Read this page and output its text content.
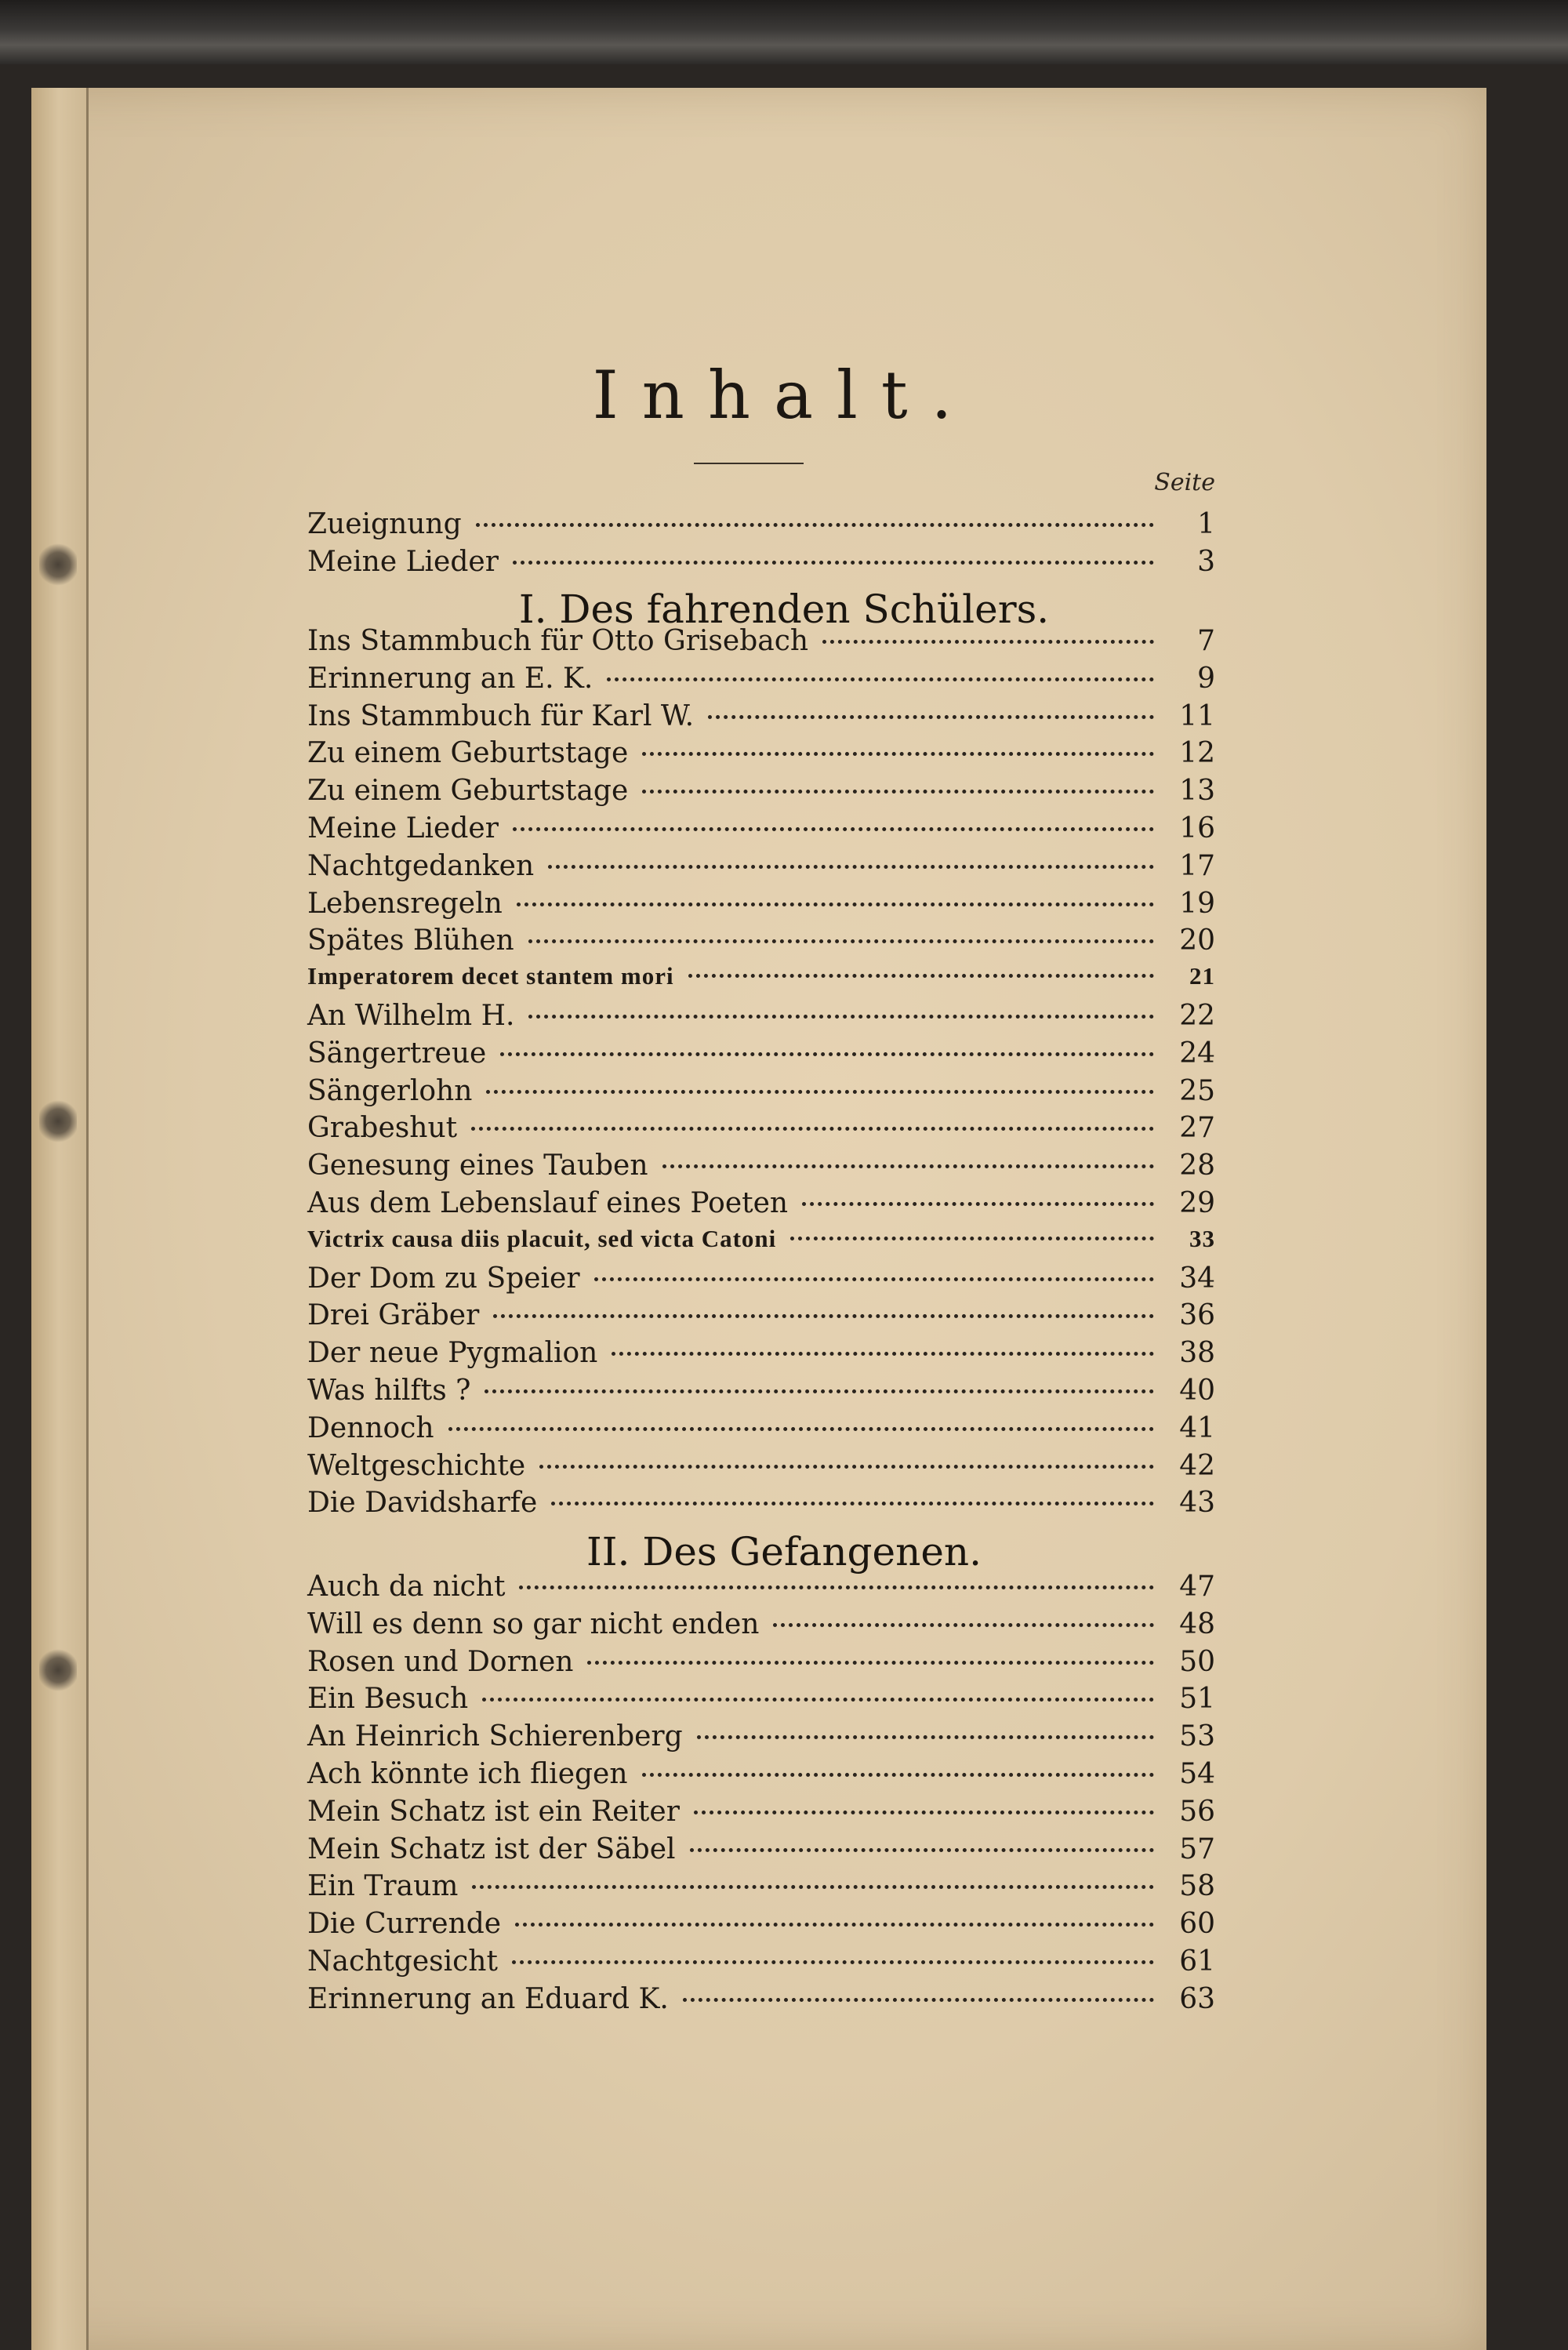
Inhalt.
Seite
Zueignung	1
Meine Lieder	3
I. Des fahrenden Schülers.
Ins Stammbuch für Otto Grisebach	7
Erinnerung an E. K.	9
Ins Stammbuch für Karl W.	11
Zu einem Geburtstage	12
Zu einem Geburtstage	13
Meine Lieder	16
Nachtgedanken	17
Lebensregeln	19
Spätes Blühen	20
Imperatorem decet stantem mori	21
An Wilhelm H.	22
Sängertreue	24
Sängerlohn	25
Grabeshut	27
Genesung eines Tauben	28
Aus dem Lebenslauf eines Poeten	29
Victrix causa diis placuit, sed victa Catoni	33
Der Dom zu Speier	34
Drei Gräber	36
Der neue Pygmalion	38
Was hilfts ?	40
Dennoch	41
Weltgeschichte	42
Die Davidsharfe	43
II. Des Gefangenen.
Auch da nicht	47
Will es denn so gar nicht enden	48
Rosen und Dornen	50
Ein Besuch	51
An Heinrich Schierenberg	53
Ach könnte ich fliegen	54
Mein Schatz ist ein Reiter	56
Mein Schatz ist der Säbel	57
Ein Traum	58
Die Currende	60
Nachtgesicht	61
Erinnerung an Eduard K.	63
